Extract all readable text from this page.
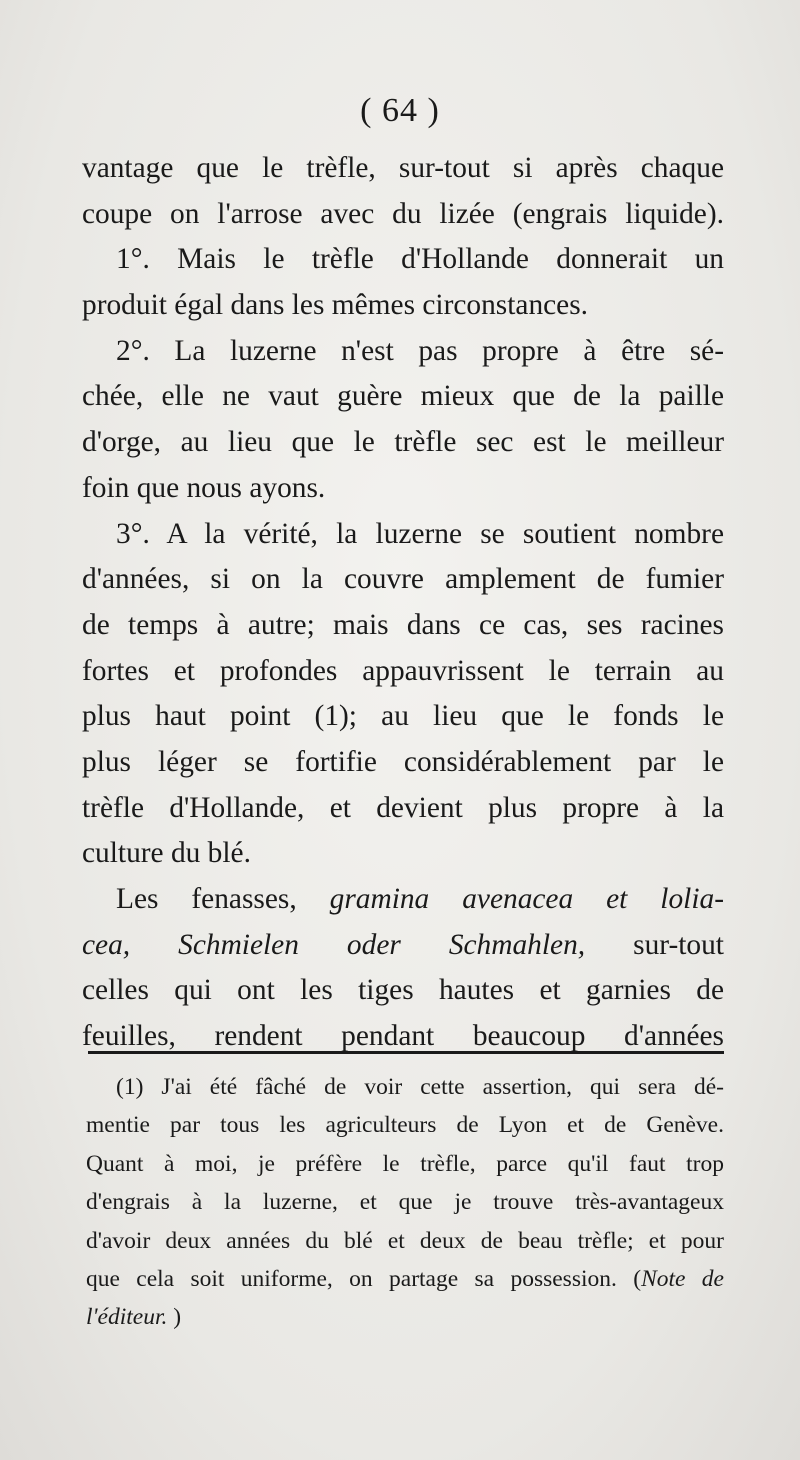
( 64 )
vantage que le trèfle, sur-tout si après chaque
coupe on l'arrose avec du lizée (engrais liquide).
1°. Mais le trèfle d'Hollande donnerait un
produit égal dans les mêmes circonstances.
2°. La luzerne n'est pas propre à être sé-
chée, elle ne vaut guère mieux que de la paille
d'orge, au lieu que le trèfle sec est le meilleur
foin que nous ayons.
3°. A la vérité, la luzerne se soutient nombre
d'années, si on la couvre amplement de fumier
de temps à autre; mais dans ce cas, ses racines
fortes et profondes appauvrissent le terrain au
plus haut point (1); au lieu que le fonds le
plus léger se fortifie considérablement par le
trèfle d'Hollande, et devient plus propre à la
culture du blé.
Les fenasses, gramina avenacea et lolia-
cea, Schmielen oder Schmahlen, sur-tout
celles qui ont les tiges hautes et garnies de
feuilles, rendent pendant beaucoup d'années
(1) J'ai été fâché de voir cette assertion, qui sera dé-
mentie par tous les agriculteurs de Lyon et de Genève.
Quant à moi, je préfère le trèfle, parce qu'il faut trop
d'engrais à la luzerne, et que je trouve très-avantageux
d'avoir deux années du blé et deux de beau trèfle; et pour
que cela soit uniforme, on partage sa possession. (Note de
l'éditeur. )
